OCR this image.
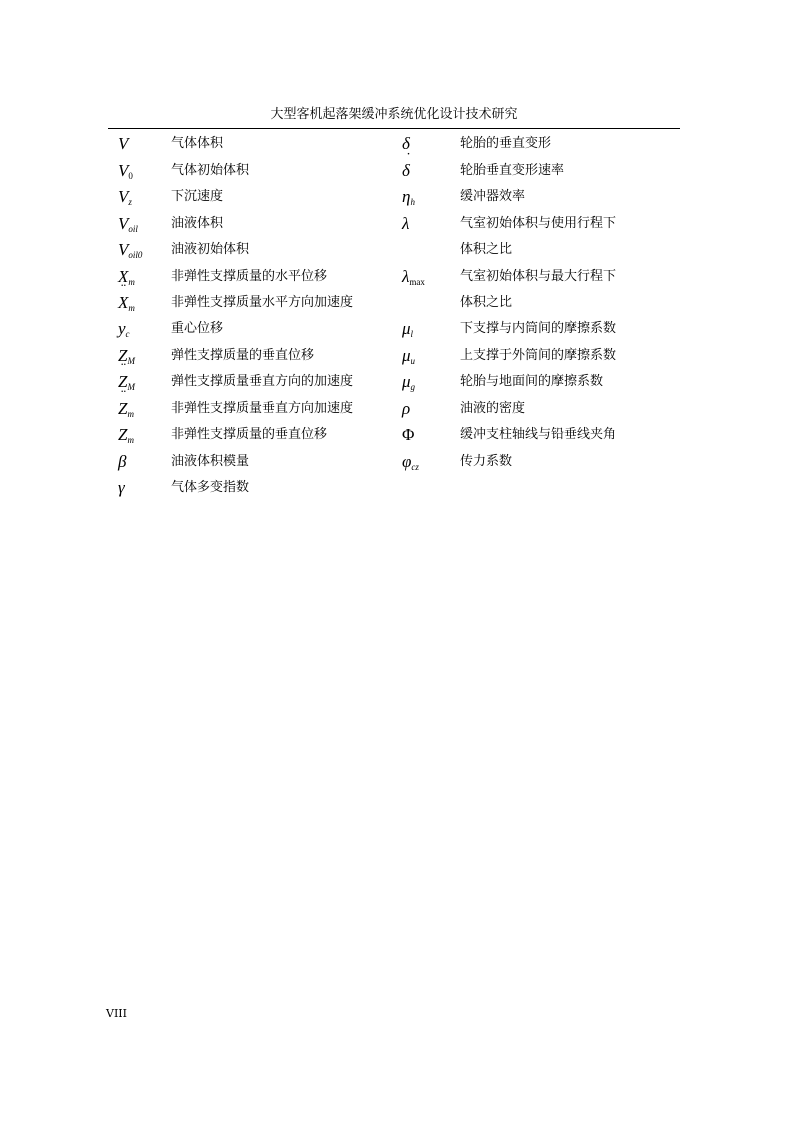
大型客机起落架缓冲系统优化设计技术研究
V	气体体积
$V_0$	气体初始体积
$V_z$	下沉速度
$V_{oil}$	油液体积
$V_{oil0}$	油液初始体积
$X_m$	非弹性支撑质量的水平位移
¨ $X_m$	非弹性支撑质量水平方向加速度
$y_c$	重心位移
$Z_M$	弹性支撑质量的垂直位移
¨ $Z_M$	弹性支撑质量垂直方向的加速度
¨ $Z_m$	非弹性支撑质量垂直方向加速度
$Z_m$	非弹性支撑质量的垂直位移
β	油液体积模量
γ	气体多变指数
δ	轮胎的垂直变形
˙ δ	轮胎垂直变形速率
$\eta_h$	缓冲器效率
λ	气室初始体积与使用行程下
体积之比
$\lambda_{max}$	气室初始体积与最大行程下
体积之比
$\mu_l$	下支撑与内筒间的摩擦系数
$\mu_u$	上支撑于外筒间的摩擦系数
$\mu_g$	轮胎与地面间的摩擦系数
ρ	油液的密度
Φ	缓冲支柱轴线与铅垂线夹角
$\varphi_{cz}$	传力系数
VIII
